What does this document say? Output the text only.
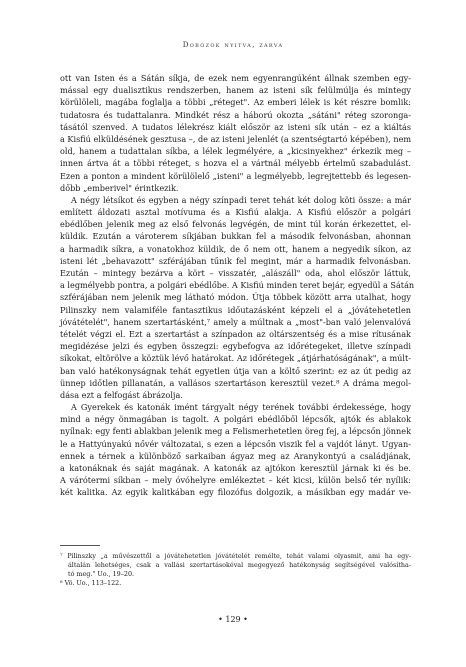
Dobozok nyitva, zárva
ott van Isten és a Sátán síkja, de ezek nem egyenrangúként állnak szemben egy-
mással egy dualisztikus rendszerben, hanem az isteni sík felülmúlja és mintegy
körülöleli, magába foglalja a többi „réteget". Az emberi lélek is két részre bomlik:
tudatosra és tudattalanra. Mindkét rész a háború okozta „sátáni" réteg szoronga-
tásától szenved. A tudatos lélekrész kiált először az isteni sík után – ez a kiáltás
a Kisfiú elküldésének gesztusa –, de az isteni jelenlét (a szentségtartó képében), nem
old, hanem a tudattalan síkba, a lélek legmélyére, a „kicsinyekhez" érkezik meg –
innen ártva át a többi réteget, s hozva el a vártnál mélyebb értelmű szabadulást.
Ezen a ponton a mindent körülölelő „isteni" a legmélyebb, legrejtettebb és legesen-
dőbb „emberivel" érintkezik.
A négy létsíkot és egyben a négy színpadi teret tehát két dolog köti össze: a már
említett áldozati asztal motívuma és a Kisfiú alakja. A Kisfiú először a polgári
ebédlőben jelenik meg az első felvonás legvégén, de mint túl korán érkezettet, el-
küldik. Ezután a vároterem síkjában bukkan fel a második felvonásban, ahonnan
a harmadik síkra, a vonatokhoz küldik, de ő nem ott, hanem a negyedik síkon, az
isteni lét „behavazott" szférájában tűnik fel megint, már a harmadik felvonásban.
Ezután – mintegy bezárva a kört – visszatér, „alászáll" oda, ahol először láttuk,
a legmélyebb pontra, a polgári ebédlőbe. A Kisfiú minden teret bejár, egyedül a Sátán
szférájában nem jelenik meg látható módon. Útja többek között arra utalhat, hogy
Pilinszky nem valamiféle fantasztikus időutazásként képzeli el a „jóvátehetetlen
jóvátételét", hanem szertartásként,⁷ amely a múltnak a „most"-ban való jelenvalóvá
tételét végzi el. Ezt a szertartást a színpadon az oltárszentség és a mise rítusának
megidézése jelzi és egyben összegzi: egybefogva az időrétegeket, illetve színpadi
síkokat, eltörölve a köztük lévő határokat. Az időrétegek „átjárhatóságának", a múlt-
ban való hatékonyságnak tehát egyetlen útja van a költő szerint: ez az út pedig az
ünnep időtlen pillanatán, a vallásos szertartáson keresztül vezet.⁸ A dráma megol-
dása ezt a felfogást ábrázolja.
A Gyerekek és katonák imént tárgyalt négy terének további érdekessége, hogy
mind a négy önmagában is tagolt. A polgári ebédlőből lépcsők, ajtók és ablakok
nyílnak: egy fenti ablakban jelenik meg a Felismerhetetlen öreg fej, a lépcsőn jönnek
le a Hattyúnyakú nővér változatai, s ezen a lépcsőn viszik fel a vajdót lányt. Ugyan-
ennek a térnek a különböző sarkaiban ágyaz meg az Aranykontyú a családjának,
a katonáknak és saját magának. A katonák az ajtókon keresztül járnak ki és be.
A várótermi síkban – mely óvóhelyre emlékeztet – két kicsi, külön belső tér nyílik:
két kalitka. Az egyik kalitkában egy filozófus dolgozik, a másikban egy madár ve-
⁷ Pilinszky „a művészettől a jóvátehetetlen jóvátételét remélte, tehát valami olyasmit, ami ha egy-
általán lehetséges, csak a vallási szertartásokéval megegyező hatékonyság segítségével valósítha-
tó meg." Uo., 19–20.
⁸ Vö. Uo., 113–122.
• 129 •
